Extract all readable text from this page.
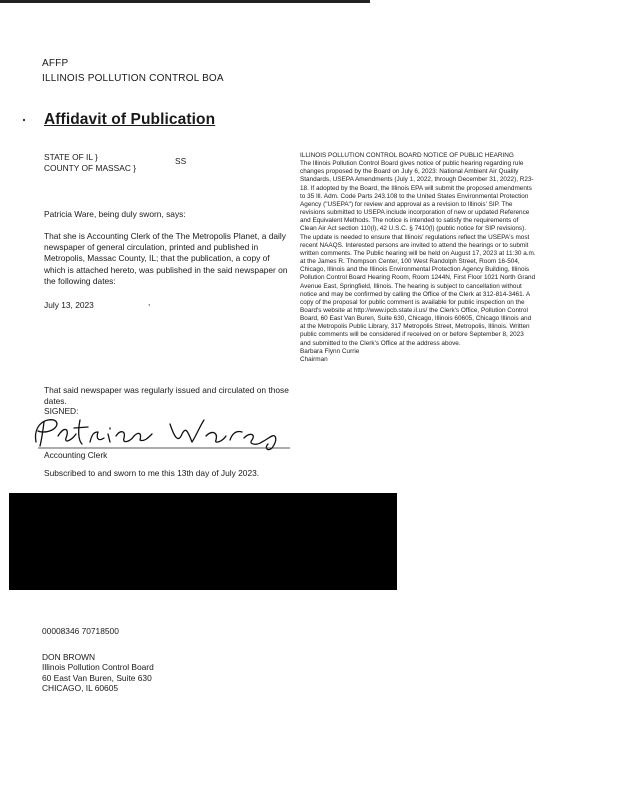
AFFP
ILLINOIS POLLUTION CONTROL BOA
Affidavit of Publication
STATE OF IL }
COUNTY OF MASSAC }
SS
Patricia Ware, being duly sworn, says:
That she is Accounting Clerk of the The Metropolis Planet, a daily newspaper of general circulation, printed and published in Metropolis, Massac County, IL; that the publication, a copy of which is attached hereto, was published in the said newspaper on the following dates:
July 13, 2023	,
That said newspaper was regularly issued and circulated on those dates.
SIGNED:
Accounting Clerk
Subscribed to and sworn to me this 13th day of July 2023.
00008346 70718500
DON BROWN
Illinois Pollution Control Board
60 East Van Buren, Suite 630
CHICAGO, IL 60605

ILLINOIS POLLUTION CONTROL BOARD NOTICE OF PUBLIC HEARING

The Illinois Pollution Control Board gives notice of public hearing regarding rule changes proposed by the Board on July 6, 2023: National Ambient Air Quality Standards, USEPA Amendments (July 1, 2022, through December 31, 2022), R23-18. If adopted by the Board, the Illinois EPA will submit the proposed amendments to 35 Ill. Adm. Code Parts 243.108 to the United States Environmental Protection Agency ("USEPA") for review and approval as a revision to Illinois' SIP. The revisions submitted to USEPA include incorporation of new or updated Reference and Equivalent Methods. The notice is intended to satisfy the requirements of Clean Air Act section 110(l), 42 U.S.C. § 7410(l) (public notice for SIP revisions). The update is needed to ensure that Illinois' regulations reflect the USEPA's most recent NAAQS. Interested persons are invited to attend the hearings or to submit written comments. The Public hearing will be held on August 17, 2023 at 11:30 a.m. at the James R. Thompson Center, 100 West Randolph Street, Room 16-504, Chicago, Illinois and the Illinois Environmental Protection Agency Building, Illinois Pollution Control Board Hearing Room, Room 1244N, First Floor 1021 North Grand Avenue East, Springfield, Illinois. The hearing is subject to cancellation without notice and may be confirmed by calling the Office of the Clerk at 312-814-3461. A copy of the proposal for public comment is available for public inspection on the Board's website at http://www.ipcb.state.il.us/ the Clerk's Office, Pollution Control Board, 60 East Van Buren, Suite 630, Chicago, Illinois 60605, Chicago Illinois and at the Metropolis Public Library, 317 Metropolis Street, Metropolis, Illinois. Written public comments will be considered if received on or before September 8, 2023 and submitted to the Clerk's Office at the address above.

Barbara Flynn Currie

Chairman
